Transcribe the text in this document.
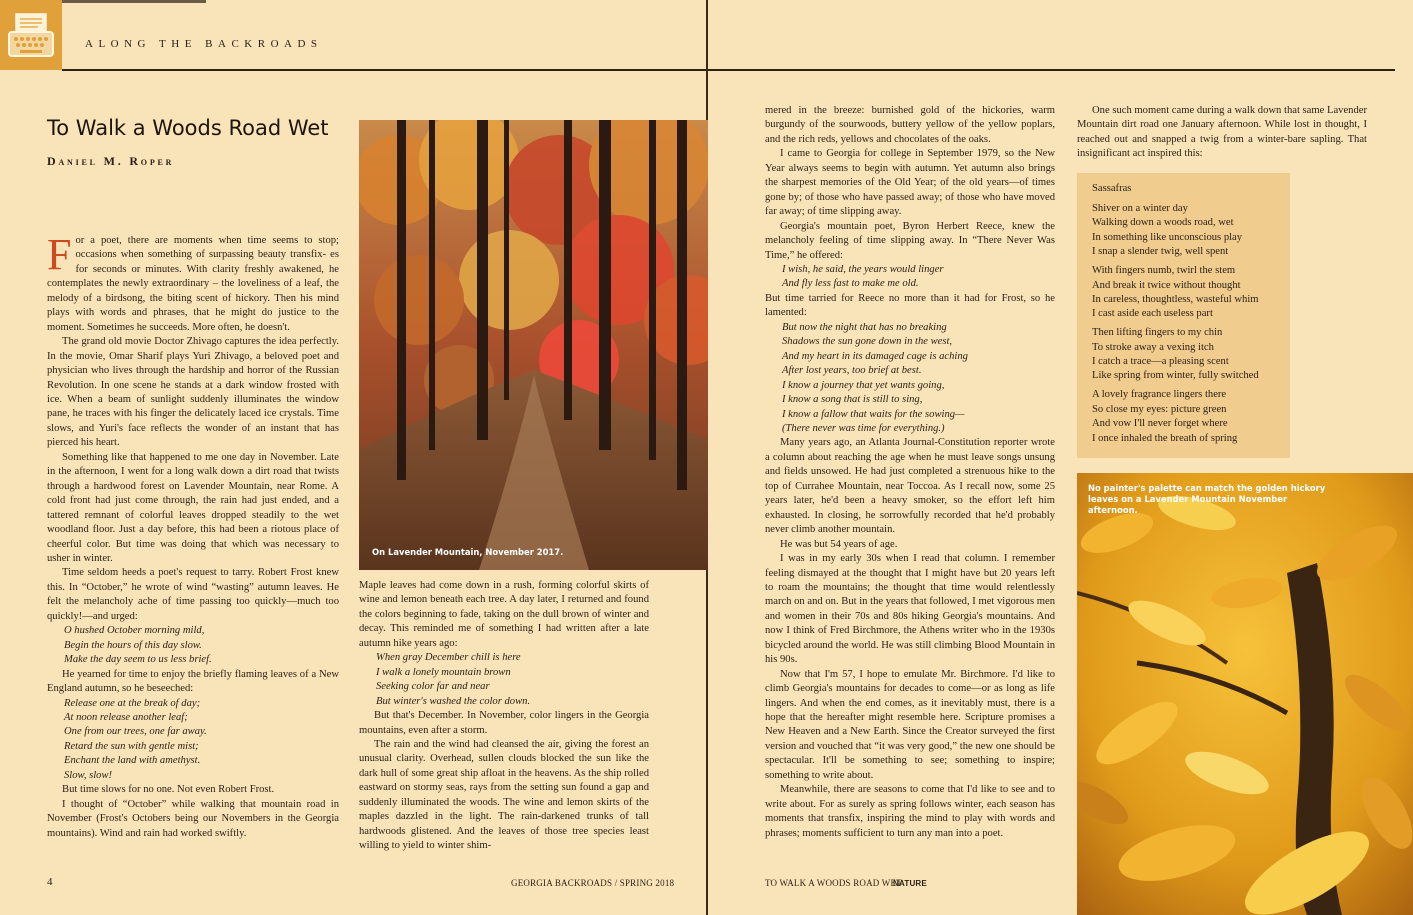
ALONG THE BACKROADS
To Walk a Woods Road Wet
Daniel M. Roper

For a poet, there are moments when time seems to stop; occasions when something of surpassing beauty transfix- es for seconds or minutes. With clarity freshly awakened, he contemplates the newly extraordinary – the loveliness of a leaf, the melody of a birdsong, the biting scent of hickory. Then his mind plays with words and phrases, that he might do justice to the moment. Sometimes he succeeds. More often, he doesn't.

The grand old movie Doctor Zhivago captures the idea perfectly. In the movie, Omar Sharif plays Yuri Zhivago, a beloved poet and physician who lives through the hardship and horror of the Russian Revolution. In one scene he stands at a dark window frosted with ice. When a beam of sunlight suddenly illuminates the window pane, he traces with his finger the delicately laced ice crystals. Time slows, and Yuri's face reflects the wonder of an instant that has pierced his heart.

Something like that happened to me one day in November. Late in the afternoon, I went for a long walk down a dirt road that twists through a hardwood forest on Lavender Mountain, near Rome. A cold front had just come through, the rain had just ended, and a tattered remnant of colorful leaves dropped steadily to the wet woodland floor. Just a day before, this had been a riotous place of cheerful color. But time was doing that which was necessary to usher in winter.

Time seldom heeds a poet's request to tarry. Robert Frost knew this. In “October,” he wrote of wind “wasting” autumn leaves. He felt the melancholy ache of time passing too quickly—much too quickly!—and urged:

O hushed October morning mild,

Begin the hours of this day slow.

Make the day seem to us less brief.

He yearned for time to enjoy the briefly flaming leaves of a New England autumn, so he beseeched:

Release one at the break of day;

At noon release another leaf;

One from our trees, one far away.

Retard the sun with gentle mist;

Enchant the land with amethyst.

Slow, slow!

But time slows for no one. Not even Robert Frost.

I thought of “October” while walking that mountain road in November (Frost's Octobers being our Novembers in the Georgia mountains). Wind and rain had worked swiftly.

On Lavender Mountain, November 2017.

Maple leaves had come down in a rush, forming colorful skirts of wine and lemon beneath each tree. A day later, I returned and found the colors beginning to fade, taking on the dull brown of winter and decay. This reminded me of something I had written after a late autumn hike years ago:

When gray December chill is here

I walk a lonely mountain brown

Seeking color far and near

But winter's washed the color down.

But that's December. In November, color lingers in the Georgia mountains, even after a storm.

The rain and the wind had cleansed the air, giving the forest an unusual clarity. Overhead, sullen clouds blocked the sun like the dark hull of some great ship afloat in the heavens. As the ship rolled eastward on stormy seas, rays from the setting sun found a gap and suddenly illuminated the woods. The wine and lemon skirts of the maples dazzled in the light. The rain-darkened trunks of tall hardwoods glistened. And the leaves of those tree species least willing to yield to winter shim-

mered in the breeze: burnished gold of the hickories, warm burgundy of the sourwoods, buttery yellow of the yellow poplars, and the rich reds, yellows and chocolates of the oaks.

I came to Georgia for college in September 1979, so the New Year always seems to begin with autumn. Yet autumn also brings the sharpest memories of the Old Year; of the old years—of times gone by; of those who have passed away; of those who have moved far away; of time slipping away.

Georgia's mountain poet, Byron Herbert Reece, knew the melancholy feeling of time slipping away. In “There Never Was Time,” he offered:

I wish, he said, the years would linger

And fly less fast to make me old.

But time tarried for Reece no more than it had for Frost, so he lamented:

But now the night that has no breaking

Shadows the sun gone down in the west,

And my heart in its damaged cage is aching

After lost years, too brief at best.

I know a journey that yet wants going,

I know a song that is still to sing,

I know a fallow that waits for the sowing—

(There never was time for everything.)

Many years ago, an Atlanta Journal-Constitution reporter wrote a column about reaching the age when he must leave songs unsung and fields unsowed. He had just completed a strenuous hike to the top of Currahee Mountain, near Toccoa. As I recall now, some 25 years later, he'd been a heavy smoker, so the effort left him exhausted. In closing, he sorrowfully recorded that he'd probably never climb another mountain.

He was but 54 years of age.

I was in my early 30s when I read that column. I remember feeling dismayed at the thought that I might have but 20 years left to roam the mountains; the thought that time would relentlessly march on and on. But in the years that followed, I met vigorous men and women in their 70s and 80s hiking Georgia's mountains. And now I think of Fred Birchmore, the Athens writer who in the 1930s bicycled around the world. He was still climbing Blood Mountain in his 90s.

Now that I'm 57, I hope to emulate Mr. Birchmore. I'd like to climb Georgia's mountains for decades to come—or as long as life lingers. And when the end comes, as it inevitably must, there is a hope that the hereafter might resemble here. Scripture promises a New Heaven and a New Earth. Since the Creator surveyed the first version and vouched that “it was very good,” the new one should be spectacular. It'll be something to see; something to inspire; something to write about.

Meanwhile, there are seasons to come that I'd like to see and to write about. For as surely as spring follows winter, each season has moments that transfix, inspiring the mind to play with words and phrases; moments sufficient to turn any man into a poet.

One such moment came during a walk down that same Lavender Mountain dirt road one January afternoon. While lost in thought, I reached out and snapped a twig from a winter-bare sapling. That insignificant act inspired this:

Sassafras
Shiver on a winter day
Walking down a woods road, wet
In something like unconscious play
I snap a slender twig, well spent
With fingers numb, twirl the stem
And break it twice without thought
In careless, thoughtless, wasteful whim
I cast aside each useless part
Then lifting fingers to my chin
To stroke away a vexing itch
I catch a trace—a pleasing scent
Like spring from winter, fully switched
A lovely fragrance lingers there
So close my eyes: picture green
And vow I'll never forget where
I once inhaled the breath of spring
No painter's palette can match the golden hickory leaves on a Lavender Mountain November afternoon.
4	GEORGIA BACKROADS / SPRING 2018	TO WALK A WOODS ROAD WET
NATURE
